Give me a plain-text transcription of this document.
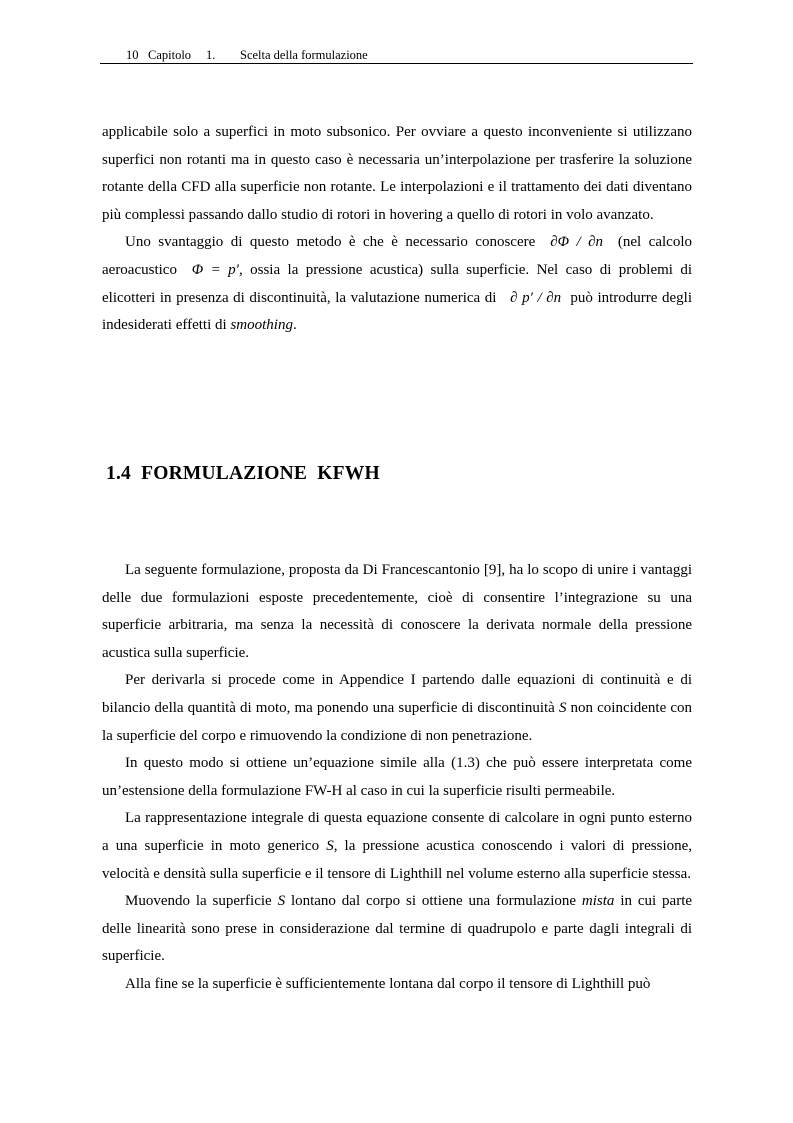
10 Capitolo 1. Scelta della formulazione

applicabile solo a superfici in moto subsonico. Per ovviare a questo inconveniente si utilizzano superfici non rotanti ma in questo caso è necessaria un’interpolazione per trasferire la soluzione rotante della CFD alla superficie non rotante. Le interpolazioni e il trattamento dei dati diventano più complessi passando dallo studio di rotori in hovering a quello di rotori in volo avanzato.

Uno svantaggio di questo metodo è che è necessario conoscere ∂Φ / ∂n (nel calcolo aeroacustico Φ = p′, ossia la pressione acustica) sulla superficie. Nel caso di problemi di elicotteri in presenza di discontinuità, la valutazione numerica di ∂ p′ / ∂n può introdurre degli indesiderati effetti di smoothing.

1.4 FORMULAZIONE  KFWH

La seguente formulazione, proposta da Di Francescantonio [9], ha lo scopo di unire i vantaggi delle due formulazioni esposte precedentemente, cioè di consentire l’integrazione su una superficie arbitraria, ma senza la necessità di conoscere la derivata normale della pressione acustica sulla superficie.

Per derivarla si procede come in Appendice I partendo dalle equazioni di continuità e di bilancio della quantità di moto, ma ponendo una superficie di discontinuità S non coincidente con la superficie del corpo e rimuovendo la condizione di non penetrazione.

In questo modo si ottiene un’equazione simile alla (1.3) che può essere interpretata come un’estensione della formulazione FW-H al caso in cui la superficie risulti permeabile.

La rappresentazione integrale di questa equazione consente di calcolare in ogni punto esterno a una superficie in moto generico S, la pressione acustica conoscendo i valori di pressione, velocità e densità sulla superficie e il tensore di Lighthill nel volume esterno alla superficie stessa.

Muovendo la superficie S lontano dal corpo si ottiene una formulazione mista in cui parte delle linearità sono prese in considerazione dal termine di quadrupolo e parte dagli integrali di superficie.

Alla fine se la superficie è sufficientemente lontana dal corpo il tensore di Lighthill può
